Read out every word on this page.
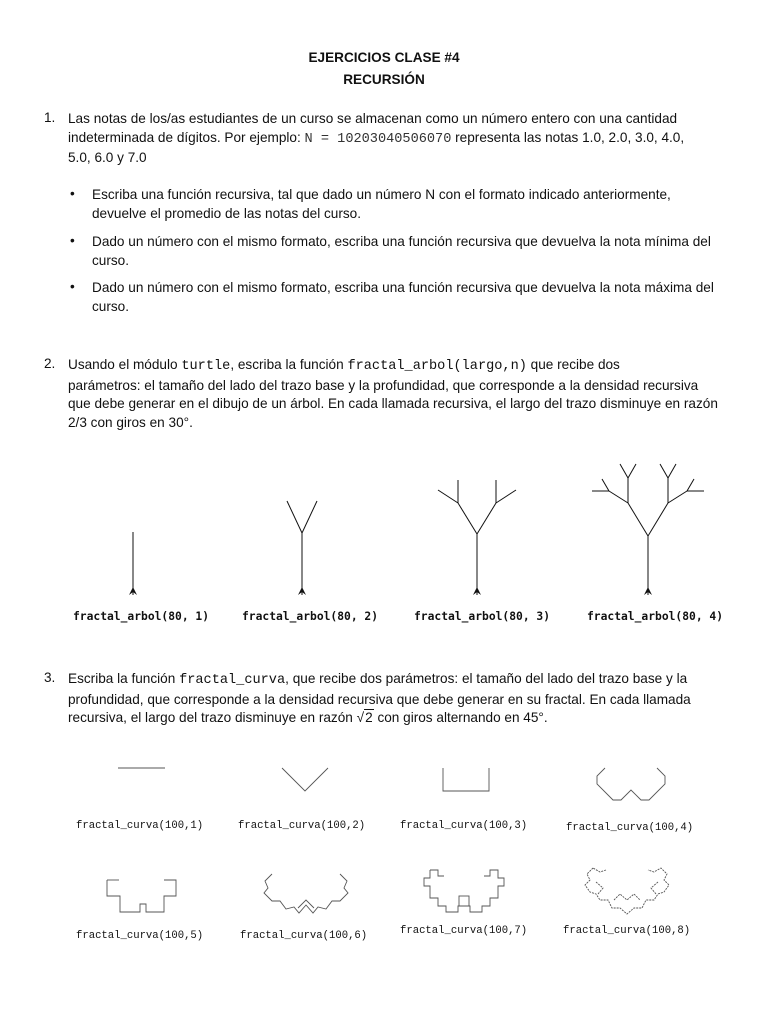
EJERCICIOS CLASE #4
RECURSIÓN
1. Las notas de los/as estudiantes de un curso se almacenan como un número entero con una cantidad
indeterminada de dígitos. Por ejemplo: N = 10203040506070 representa las notas 1.0, 2.0, 3.0, 4.0,
5.0, 6.0 y 7.0
• Escriba una función recursiva, tal que dado un número N con el formato indicado anteriormente,
devuelve el promedio de las notas del curso.
• Dado un número con el mismo formato, escriba una función recursiva que devuelva la nota mínima del
curso.
• Dado un número con el mismo formato, escriba una función recursiva que devuelva la nota máxima del
curso.
2. Usando el módulo turtle, escriba la función fractal_arbol(largo,n) que recibe dos
parámetros: el tamaño del lado del trazo base y la profundidad, que corresponde a la densidad recursiva
que debe generar en el dibujo de un árbol. En cada llamada recursiva, el largo del trazo disminuye en razón
2/3 con giros en 30°.
fractal_arbol(80, 1)	fractal_arbol(80, 2)	fractal_arbol(80, 3)	fractal_arbol(80, 4)
3. Escriba la función fractal_curva, que recibe dos parámetros: el tamaño del lado del trazo base y la
profundidad, que corresponde a la densidad recursiva que debe generar en su fractal. En cada llamada
recursiva, el largo del trazo disminuye en razón √2 con giros alternando en 45°.
fractal_curva(100,1)	fractal_curva(100,2)	fractal_curva(100,3)	fractal_curva(100,4)
fractal_curva(100,5)	fractal_curva(100,6)	fractal_curva(100,7)	fractal_curva(100,8)
